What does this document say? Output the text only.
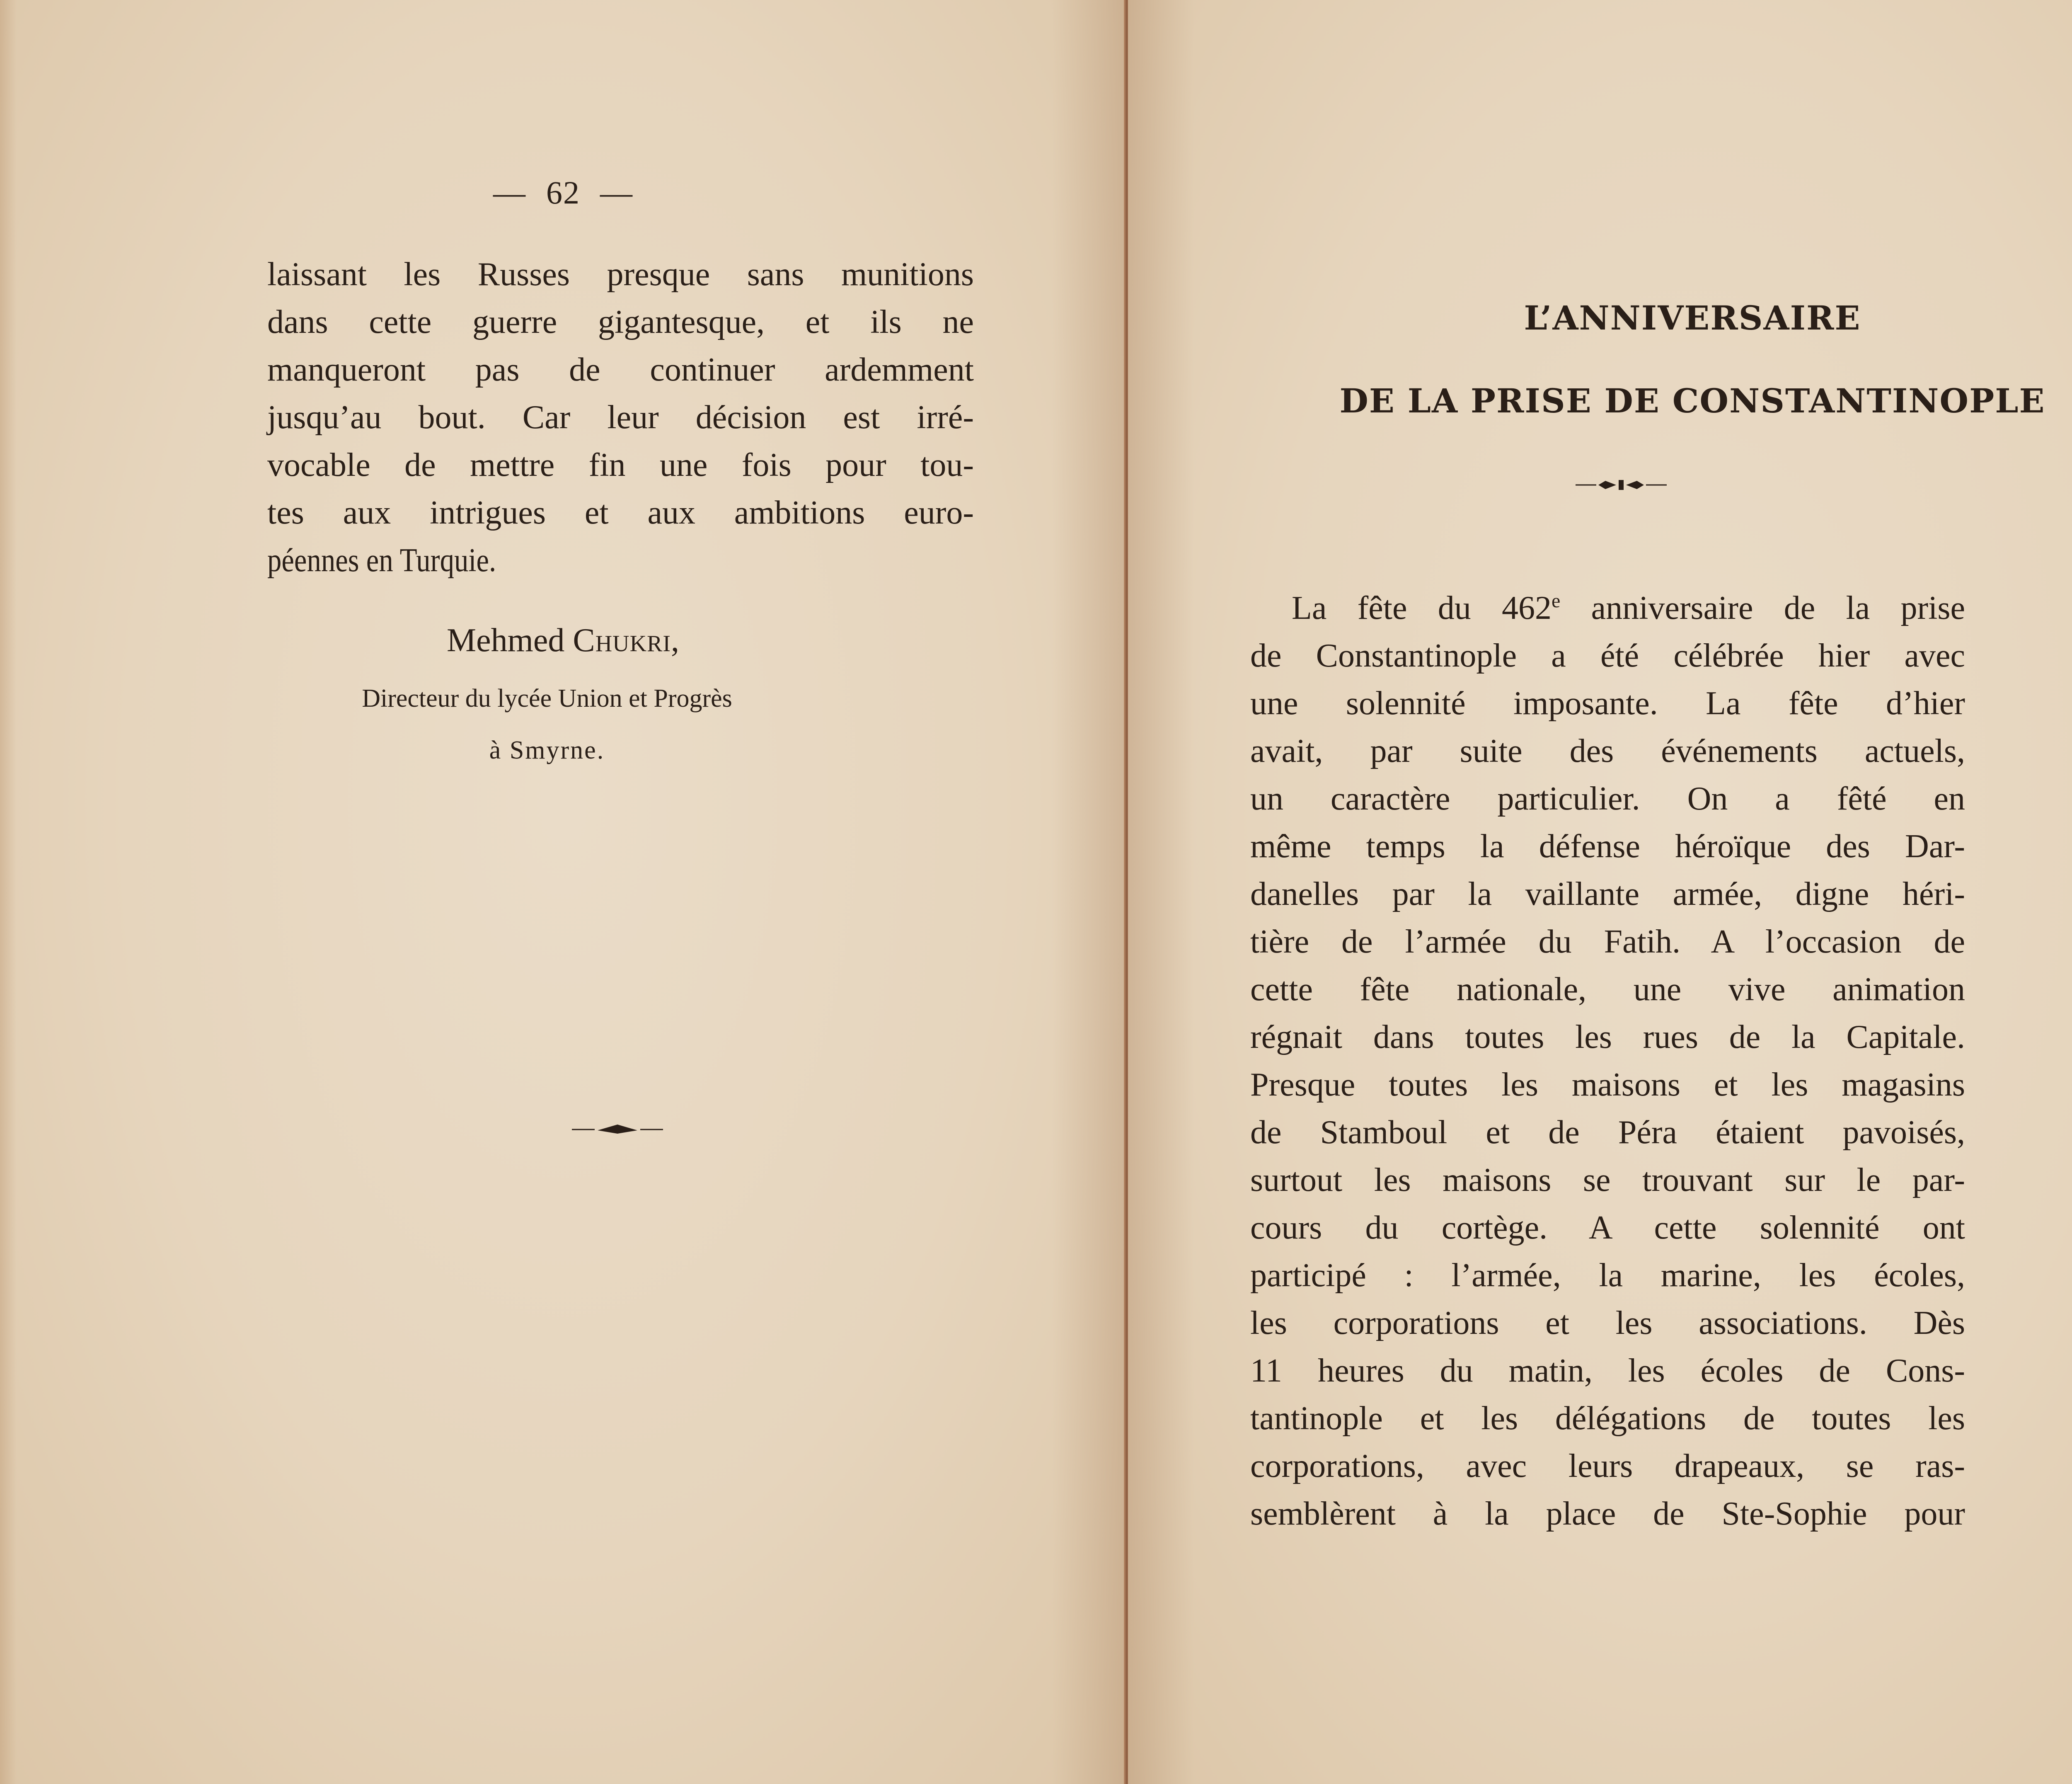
— 62 —
laissant les Russes presque sans munitions
dans cette guerre gigantesque, et ils ne
manqueront pas de continuer ardemment
jusqu’au bout. Car leur décision est irré-
vocable de mettre fin une fois pour tou-
tes aux intrigues et aux ambitions euro-
péennes en Turquie.
Mehmed Chukri,
Directeur du lycée Union et Progrès
à Smyrne.
L’ANNIVERSAIRE
DE LA PRISE DE CONSTANTINOPLE
La fête du 462e anniversaire de la prise
de Constantinople a été célébrée hier avec
une solennité imposante. La fête d’hier
avait, par suite des événements actuels,
un caractère particulier. On a fêté en
même temps la défense héroïque des Dar-
danelles par la vaillante armée, digne héri-
tière de l’armée du Fatih. A l’occasion de
cette fête nationale, une vive animation
régnait dans toutes les rues de la Capitale.
Presque toutes les maisons et les magasins
de Stamboul et de Péra étaient pavoisés,
surtout les maisons se trouvant sur le par-
cours du cortège. A cette solennité ont
participé : l’armée, la marine, les écoles,
les corporations et les associations. Dès
11 heures du matin, les écoles de Cons-
tantinople et les délégations de toutes les
corporations, avec leurs drapeaux, se ras-
semblèrent à la place de Ste-Sophie pour
